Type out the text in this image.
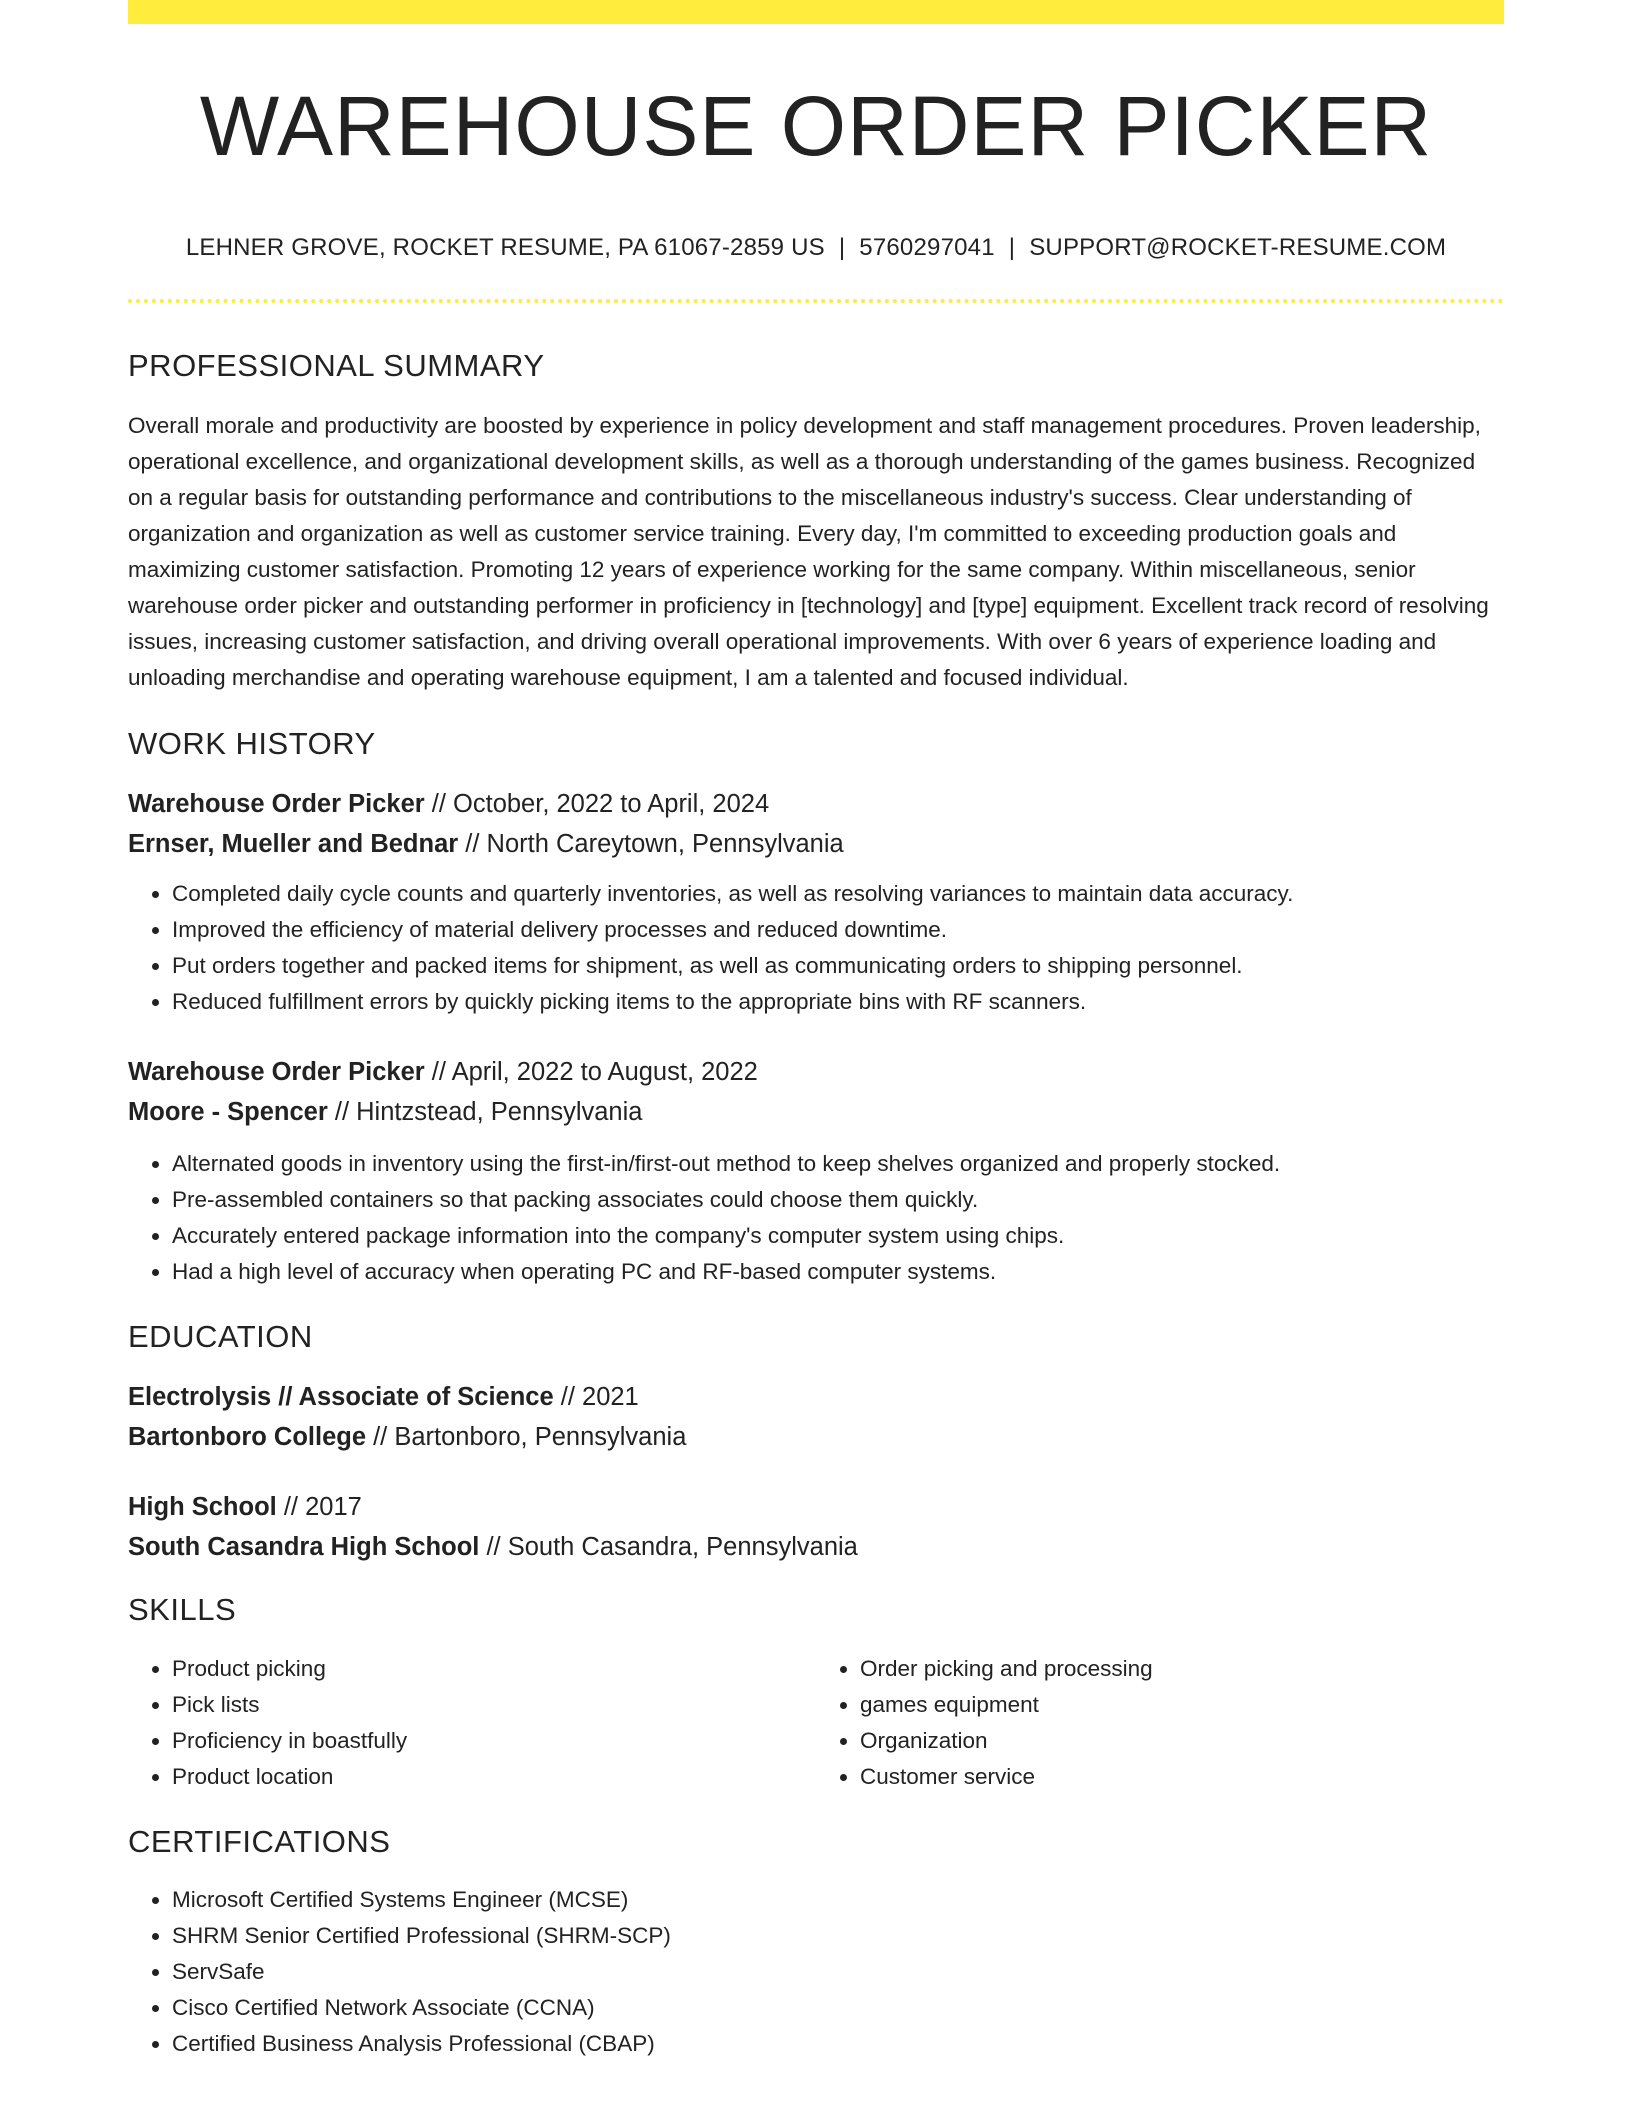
WAREHOUSE ORDER PICKER
LEHNER GROVE, ROCKET RESUME, PA 61067-2859 US | 5760297041 | SUPPORT@ROCKET-RESUME.COM
PROFESSIONAL SUMMARY

Overall morale and productivity are boosted by experience in policy development and staff management procedures. Proven leadership, operational excellence, and organizational development skills, as well as a thorough understanding of the games business. Recognized on a regular basis for outstanding performance and contributions to the miscellaneous industry's success. Clear understanding of organization and organization as well as customer service training. Every day, I'm committed to exceeding production goals and maximizing customer satisfaction. Promoting 12 years of experience working for the same company. Within miscellaneous, senior warehouse order picker and outstanding performer in proficiency in [technology] and [type] equipment. Excellent track record of resolving issues, increasing customer satisfaction, and driving overall operational improvements. With over 6 years of experience loading and unloading merchandise and operating warehouse equipment, I am a talented and focused individual.

WORK HISTORY
Warehouse Order Picker // October, 2022 to April, 2024
Ernser, Mueller and Bednar // North Careytown, Pennsylvania
• Completed daily cycle counts and quarterly inventories, as well as resolving variances to maintain data accuracy.
• Improved the efficiency of material delivery processes and reduced downtime.
• Put orders together and packed items for shipment, as well as communicating orders to shipping personnel.
• Reduced fulfillment errors by quickly picking items to the appropriate bins with RF scanners.
Warehouse Order Picker // April, 2022 to August, 2022
Moore - Spencer // Hintzstead, Pennsylvania
• Alternated goods in inventory using the first-in/first-out method to keep shelves organized and properly stocked.
• Pre-assembled containers so that packing associates could choose them quickly.
• Accurately entered package information into the company's computer system using chips.
• Had a high level of accuracy when operating PC and RF-based computer systems.
EDUCATION
Electrolysis // Associate of Science // 2021
Bartonboro College // Bartonboro, Pennsylvania
High School // 2017
South Casandra High School // South Casandra, Pennsylvania
SKILLS
• Product picking
• Pick lists
• Proficiency in boastfully
• Product location
• Order picking and processing
• games equipment
• Organization
• Customer service
CERTIFICATIONS
• Microsoft Certified Systems Engineer (MCSE)
• SHRM Senior Certified Professional (SHRM-SCP)
• ServSafe
• Cisco Certified Network Associate (CCNA)
• Certified Business Analysis Professional (CBAP)
